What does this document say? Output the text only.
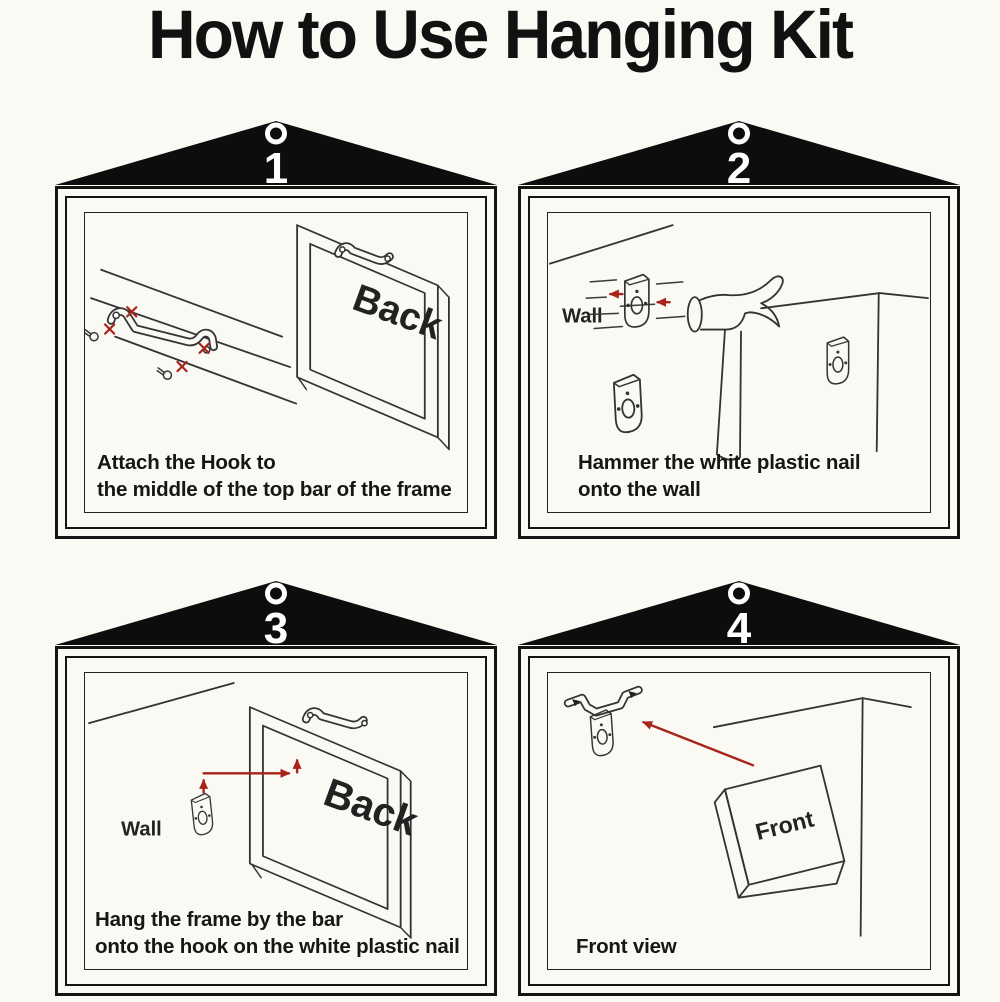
How to Use Hanging Kit
1
Back
Attach the Hook to
the middle of the top bar of the frame
2
Wall
Hammer the white plastic nail
onto the wall
3
Back
Wall
Hang the frame by the bar
onto the hook on the white plastic nail
4
Front
Front view
